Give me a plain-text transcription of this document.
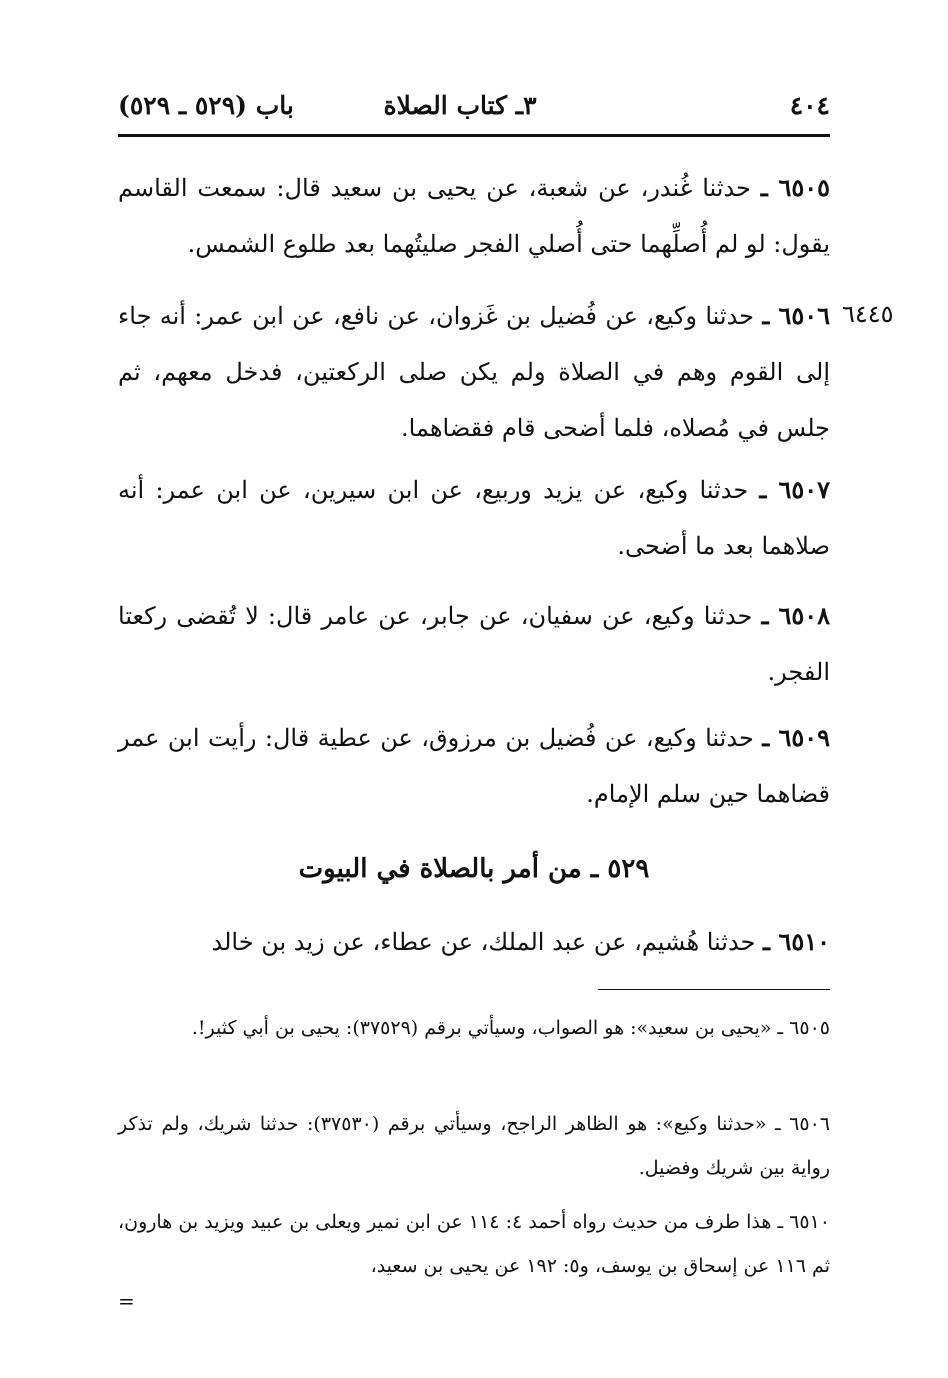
٤٠٤
٣ـ كتاب الصلاة
باب (٥٢٩ ـ ٥٢٩)
٦٤٤٥

٦٥٠٥ ـ حدثنا غُندر، عن شعبة، عن يحيى بن سعيد قال: سمعت القاسم يقول: لو لم أُصلِّهما حتى أُصلي الفجر صليتُهما بعد طلوع الشمس.

٦٥٠٦ ـ حدثنا وكيع، عن فُضيل بن غَزوان، عن نافع، عن ابن عمر: أنه جاء إلى القوم وهم في الصلاة ولم يكن صلى الركعتين، فدخل معهم، ثم جلس في مُصلاه، فلما أضحى قام فقضاهما.

٦٥٠٧ ـ حدثنا وكيع، عن يزيد وربيع، عن ابن سيرين، عن ابن عمر: أنه صلاهما بعد ما أضحى.

٦٥٠٨ ـ حدثنا وكيع، عن سفيان، عن جابر، عن عامر قال: لا تُقضى ركعتا الفجر.

٦٥٠٩ ـ حدثنا وكيع، عن فُضيل بن مرزوق، عن عطية قال: رأيت ابن عمر قضاهما حين سلم الإمام.

٥٢٩ ـ من أمر بالصلاة في البيوت

٦٥١٠ ـ حدثنا هُشيم، عن عبد الملك، عن عطاء، عن زيد بن خالد

٦٥٠٥ ـ «يحيى بن سعيد»: هو الصواب، وسيأتي برقم (٣٧٥٢٩): يحيى بن أبي كثير!.

٦٥٠٦ ـ «حدثنا وكيع»: هو الظاهر الراجح، وسيأتي برقم (٣٧٥٣٠): حدثنا شريك، ولم تذكر رواية بين شريك وفضيل.

٦٥١٠ ـ هذا طرف من حديث رواه أحمد ٤: ١١٤ عن ابن نمير ويعلى بن عبيد ويزيد بن هارون، ثم ١١٦ عن إسحاق بن يوسف، و٥: ١٩٢ عن يحيى بن سعيد،

=
